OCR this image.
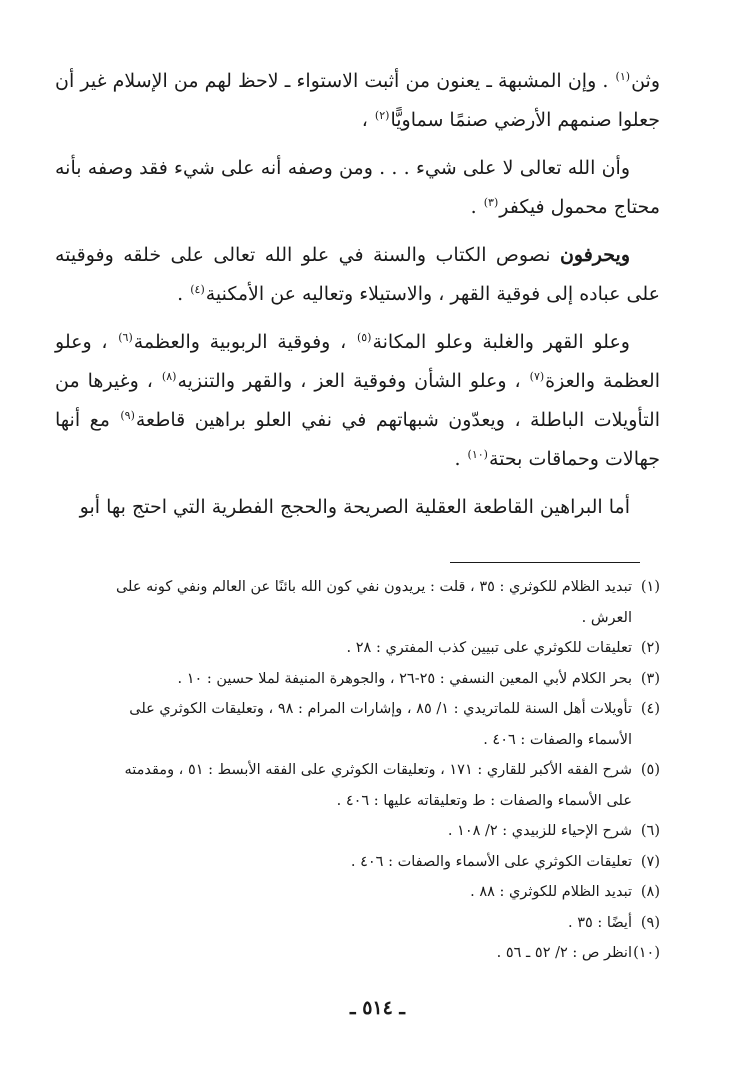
وثن$^{(١)}$ . وإن المشبهة ـ يعنون من أثبت الاستواء ـ لاحظ لهم من الإسلام غير أن جعلوا صنمهم الأرضي صنمًا سماويًّا$^{(٢)}$ ،

وأن الله تعالى لا على شيء . . . ومن وصفه أنه على شيء فقد وصفه بأنه محتاج محمول فيكفر$^{(٣)}$ .

ويحرفون نصوص الكتاب والسنة في علو الله تعالى على خلقه وفوقيته على عباده إلى فوقية القهر ، والاستيلاء وتعاليه عن الأمكنية$^{(٤)}$ .

وعلو القهر والغلبة وعلو المكانة$^{(٥)}$ ، وفوقية الربوبية والعظمة$^{(٦)}$ ، وعلو العظمة والعزة$^{(٧)}$ ، وعلو الشأن وفوقية العز ، والقهر والتنزيه$^{(٨)}$ ، وغيرها من التأويلات الباطلة ، ويعدّون شبهاتهم في نفي العلو براهين قاطعة$^{(٩)}$ مع أنها جهالات وحماقات بحتة$^{(١٠)}$ .

أما البراهين القاطعة العقلية الصريحة والحجج الفطرية التي احتج بها أبو

(١)تبديد الظلام للكوثري : ٣٥ ، قلت : يريدون نفي كون الله بائنًا عن العالم ونفي كونه على
العرش .
(٢)تعليقات للكوثري على تبيين كذب المفتري : ٢٨ .
(٣)بحر الكلام لأبي المعين النسفي : ٢٥-٢٦ ، والجوهرة المنيفة لملا حسين : ١٠ .
(٤)تأويلات أهل السنة للماتريدي : ١/ ٨٥ ، وإشارات المرام : ٩٨ ، وتعليقات الكوثري على
الأسماء والصفات : ٤٠٦ .
(٥)شرح الفقه الأكبر للقاري : ١٧١ ، وتعليقات الكوثري على الفقه الأبسط : ٥١ ، ومقدمته
على الأسماء والصفات : ط وتعليقاته عليها : ٤٠٦ .
(٦)شرح الإحياء للزبيدي : ٢/ ١٠٨ .
(٧)تعليقات الكوثري على الأسماء والصفات : ٤٠٦ .
(٨)تبديد الظلام للكوثري : ٨٨ .
(٩)أيضًا : ٣٥ .
(١٠)انظر ص : ٢/ ٥٢ ـ ٥٦ .
ـ ٥١٤ ـ
